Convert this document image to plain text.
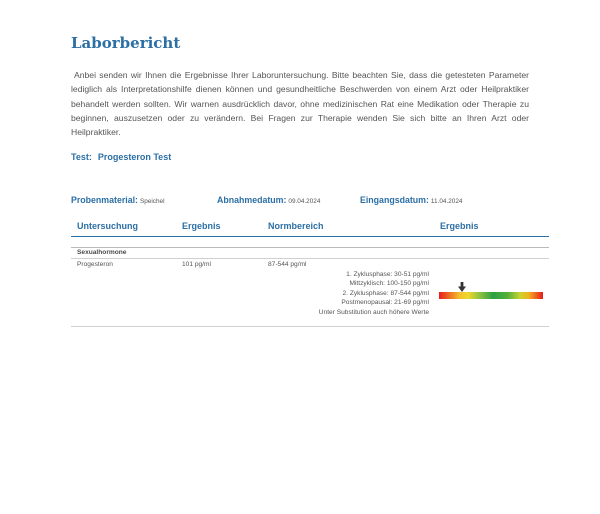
Laborbericht

Anbei senden wir Ihnen die Ergebnisse Ihrer Laboruntersuchung. Bitte beachten Sie, dass die getesteten Parameter lediglich als Interpretationshilfe dienen können und gesundheitliche Beschwerden von einem Arzt oder Heilpraktiker behandelt werden sollten. Wir warnen ausdrücklich davor, ohne medizinischen Rat eine Medikation oder Therapie zu beginnen, auszusetzen oder zu verändern. Bei Fragen zur Therapie wenden Sie sich bitte an Ihren Arzt oder Heilpraktiker.

Test: Progesteron Test
Probenmaterial: Speichel	Abnahmedatum: 09.04.2024	Eingangsdatum: 11.04.2024
Untersuchung	Ergebnis	Normbereich	Ergebnis
Sexualhormone
Progesteron	101 pg/ml	87-544 pg/ml
1. Zyklusphase: 30-51 pg/ml
Mittzyklisch: 100-150 pg/ml
2. Zyklusphase: 87-544 pg/ml
Postmenopausal: 21-69 pg/ml
Unter Substitution auch höhere Werte
